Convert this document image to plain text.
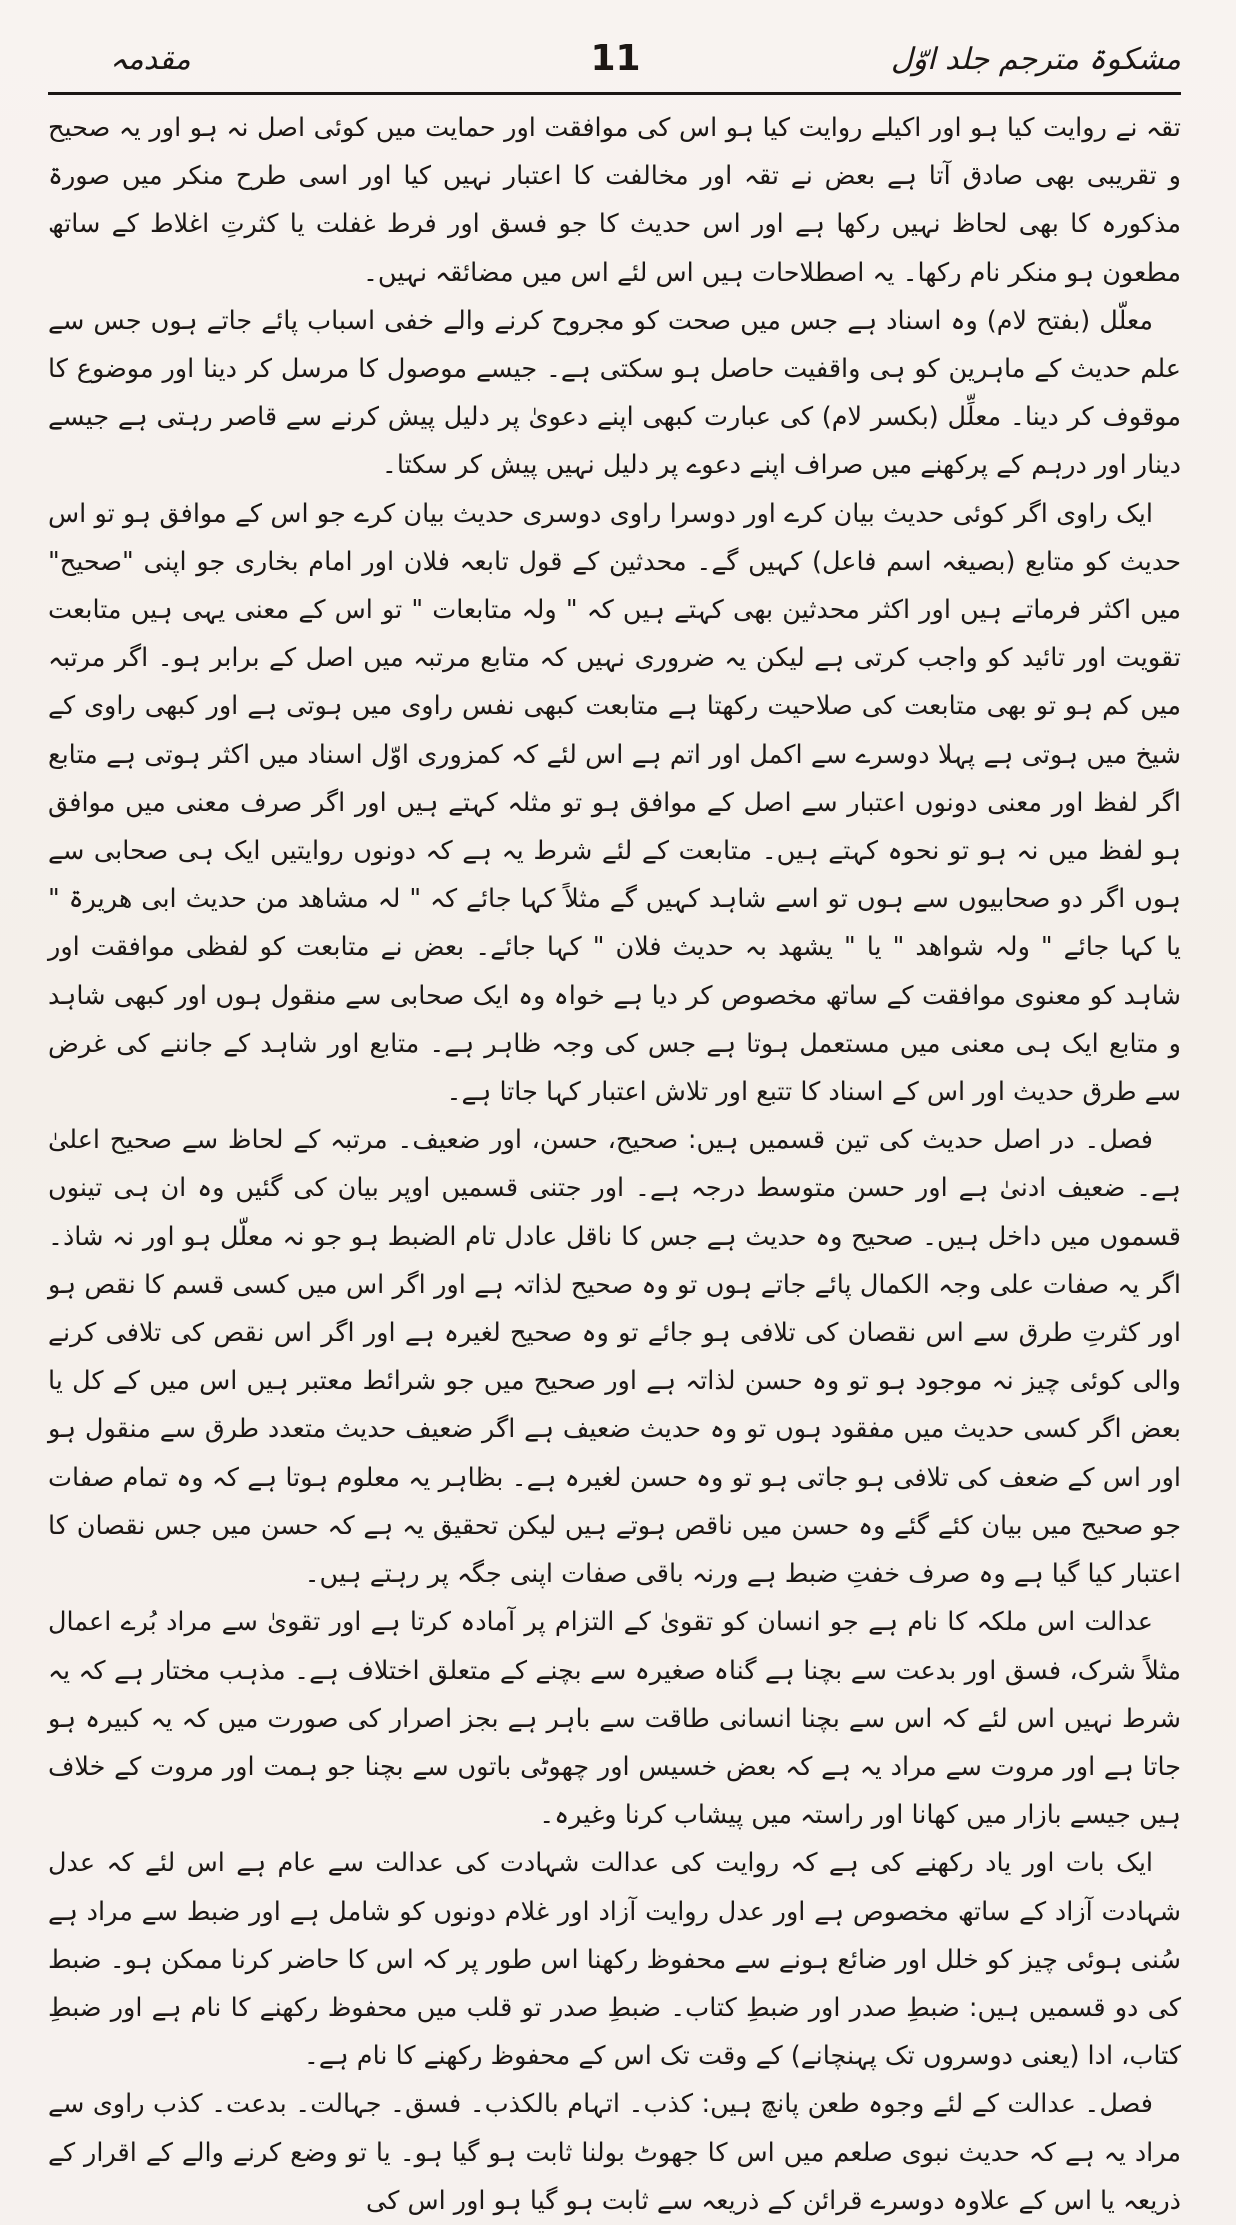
مشکوۃ مترجم جلد اوّل
11
مقدمہ

تقہ نے روایت کیا ہو اور اکیلے روایت کیا ہو اس کی موافقت اور حمایت میں کوئی اصل نہ ہو اور یہ صحیح و تقریبی بھی صادق آتا ہے بعض نے تقہ اور مخالفت کا اعتبار نہیں کیا اور اسی طرح منکر میں صورۃ مذکورہ کا بھی لحاظ نہیں رکھا ہے اور اس حدیث کا جو فسق اور فرط غفلت یا کثرتِ اغلاط کے ساتھ مطعون ہو منکر نام رکھا۔ یہ اصطلاحات ہیں اس لئے اس میں مضائقہ نہیں۔

معلّل (بفتح لام) وہ اسناد ہے جس میں صحت کو مجروح کرنے والے خفی اسباب پائے جاتے ہوں جس سے علم حدیث کے ماہرین کو ہی واقفیت حاصل ہو سکتی ہے۔ جیسے موصول کا مرسل کر دینا اور موضوع کا موقوف کر دینا۔ معلِّل (بکسر لام) کی عبارت کبھی اپنے دعویٰ پر دلیل پیش کرنے سے قاصر رہتی ہے جیسے دینار اور درہم کے پرکھنے میں صراف اپنے دعوے پر دلیل نہیں پیش کر سکتا۔

ایک راوی اگر کوئی حدیث بیان کرے اور دوسرا راوی دوسری حدیث بیان کرے جو اس کے موافق ہو تو اس حدیث کو متابع (بصیغہ اسم فاعل) کہیں گے۔ محدثین کے قول تابعہ فلان اور امام بخاری جو اپنی "صحیح" میں اکثر فرماتے ہیں اور اکثر محدثین بھی کہتے ہیں کہ " ولہ متابعات " تو اس کے معنی یہی ہیں متابعت تقویت اور تائید کو واجب کرتی ہے لیکن یہ ضروری نہیں کہ متابع مرتبہ میں اصل کے برابر ہو۔ اگر مرتبہ میں کم ہو تو بھی متابعت کی صلاحیت رکھتا ہے متابعت کبھی نفس راوی میں ہوتی ہے اور کبھی راوی کے شیخ میں ہوتی ہے پہلا دوسرے سے اکمل اور اتم ہے اس لئے کہ کمزوری اوّل اسناد میں اکثر ہوتی ہے متابع اگر لفظ اور معنی دونوں اعتبار سے اصل کے موافق ہو تو مثلہ کہتے ہیں اور اگر صرف معنی میں موافق ہو لفظ میں نہ ہو تو نحوہ کہتے ہیں۔ متابعت کے لئے شرط یہ ہے کہ دونوں روایتیں ایک ہی صحابی سے ہوں اگر دو صحابیوں سے ہوں تو اسے شاہد کہیں گے مثلاً کہا جائے کہ " لہ مشاھد من حدیث ابی ھریرۃ " یا کہا جائے " ولہ شواھد " یا " یشھد بہ حدیث فلان " کہا جائے۔ بعض نے متابعت کو لفظی موافقت اور شاہد کو معنوی موافقت کے ساتھ مخصوص کر دیا ہے خواہ وہ ایک صحابی سے منقول ہوں اور کبھی شاہد و متابع ایک ہی معنی میں مستعمل ہوتا ہے جس کی وجہ ظاہر ہے۔ متابع اور شاہد کے جاننے کی غرض سے طرق حدیث اور اس کے اسناد کا تتبع اور تلاش اعتبار کہا جاتا ہے۔

فصل۔ در اصل حدیث کی تین قسمیں ہیں: صحیح، حسن، اور ضعیف۔ مرتبہ کے لحاظ سے صحیح اعلیٰ ہے۔ ضعیف ادنیٰ ہے اور حسن متوسط درجہ ہے۔ اور جتنی قسمیں اوپر بیان کی گئیں وہ ان ہی تینوں قسموں میں داخل ہیں۔ صحیح وہ حدیث ہے جس کا ناقل عادل تام الضبط ہو جو نہ معلّل ہو اور نہ شاذ۔ اگر یہ صفات علی وجہ الکمال پائے جاتے ہوں تو وہ صحیح لذاتہ ہے اور اگر اس میں کسی قسم کا نقص ہو اور کثرتِ طرق سے اس نقصان کی تلافی ہو جائے تو وہ صحیح لغیرہ ہے اور اگر اس نقص کی تلافی کرنے والی کوئی چیز نہ موجود ہو تو وہ حسن لذاتہ ہے اور صحیح میں جو شرائط معتبر ہیں اس میں کے کل یا بعض اگر کسی حدیث میں مفقود ہوں تو وہ حدیث ضعیف ہے اگر ضعیف حدیث متعدد طرق سے منقول ہو اور اس کے ضعف کی تلافی ہو جاتی ہو تو وہ حسن لغیرہ ہے۔ بظاہر یہ معلوم ہوتا ہے کہ وہ تمام صفات جو صحیح میں بیان کئے گئے وہ حسن میں ناقص ہوتے ہیں لیکن تحقیق یہ ہے کہ حسن میں جس نقصان کا اعتبار کیا گیا ہے وہ صرف خفتِ ضبط ہے ورنہ باقی صفات اپنی جگہ پر رہتے ہیں۔

عدالت اس ملکہ کا نام ہے جو انسان کو تقویٰ کے التزام پر آمادہ کرتا ہے اور تقویٰ سے مراد بُرے اعمال مثلاً شرک، فسق اور بدعت سے بچنا ہے گناہ صغیرہ سے بچنے کے متعلق اختلاف ہے۔ مذہب مختار ہے کہ یہ شرط نہیں اس لئے کہ اس سے بچنا انسانی طاقت سے باہر ہے بجز اصرار کی صورت میں کہ یہ کبیرہ ہو جاتا ہے اور مروت سے مراد یہ ہے کہ بعض خسیس اور چھوٹی باتوں سے بچنا جو ہمت اور مروت کے خلاف ہیں جیسے بازار میں کھانا اور راستہ میں پیشاب کرنا وغیرہ۔

ایک بات اور یاد رکھنے کی ہے کہ روایت کی عدالت شہادت کی عدالت سے عام ہے اس لئے کہ عدل شہادت آزاد کے ساتھ مخصوص ہے اور عدل روایت آزاد اور غلام دونوں کو شامل ہے اور ضبط سے مراد ہے سُنی ہوئی چیز کو خلل اور ضائع ہونے سے محفوظ رکھنا اس طور پر کہ اس کا حاضر کرنا ممکن ہو۔ ضبط کی دو قسمیں ہیں: ضبطِ صدر اور ضبطِ کتاب۔ ضبطِ صدر تو قلب میں محفوظ رکھنے کا نام ہے اور ضبطِ کتاب، ادا (یعنی دوسروں تک پہنچانے) کے وقت تک اس کے محفوظ رکھنے کا نام ہے۔

فصل۔ عدالت کے لئے وجوہ طعن پانچ ہیں: کذب۔ اتہام بالکذب۔ فسق۔ جہالت۔ بدعت۔ کذب راوی سے مراد یہ ہے کہ حدیث نبوی صلعم میں اس کا جھوٹ بولنا ثابت ہو گیا ہو۔ یا تو وضع کرنے والے کے اقرار کے ذریعہ یا اس کے علاوہ دوسرے قرائن کے ذریعہ سے ثابت ہو گیا ہو اور اس کی
